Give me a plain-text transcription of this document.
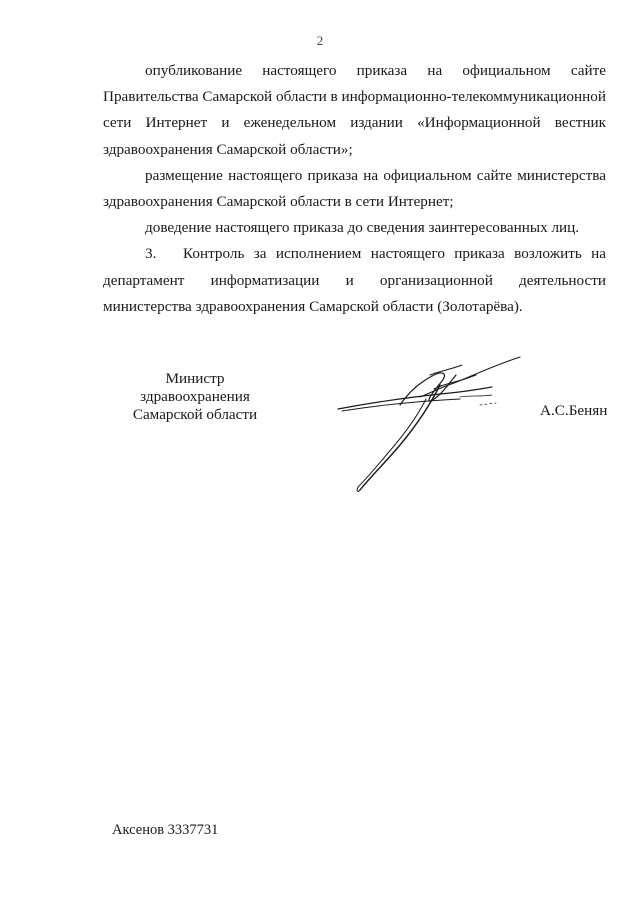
2

опубликование настоящего приказа на официальном сайте Правительства Самарской области в информационно-телекоммуникационной сети Интернет и еженедельном издании «Информационной вестник здравоохранения Самарской области»;

размещение настоящего приказа на официальном сайте министерства здравоохранения Самарской области в сети Интернет;

доведение настоящего приказа до сведения заинтересованных лиц.

3. Контроль за исполнением настоящего приказа возложить на департамент информатизации и организационной деятельности министерства здравоохранения Самарской области (Золотарёва).

Министр
здравоохранения
Самарской области	А.С.Бенян
Аксенов 3337731
